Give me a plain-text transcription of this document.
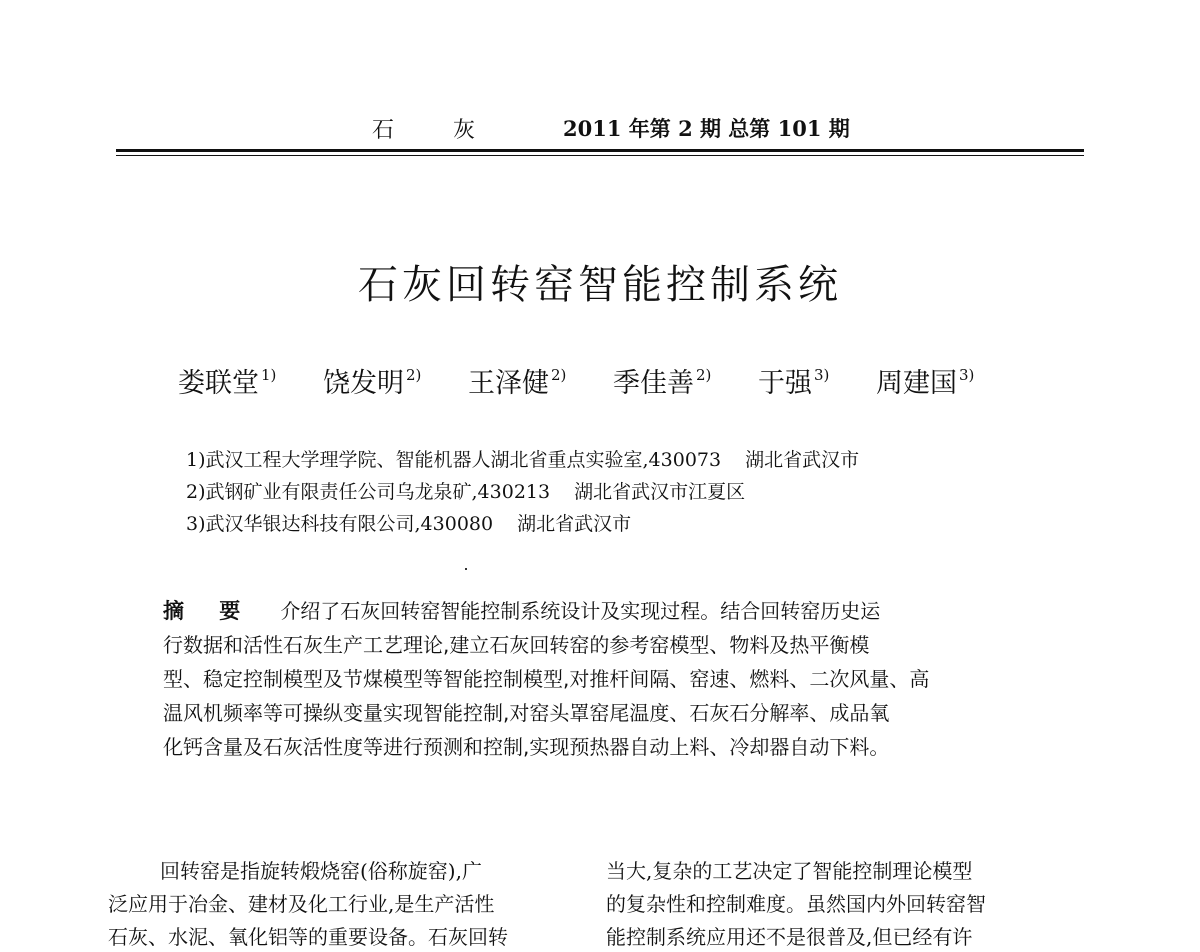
石 灰	2011 年第 2 期 总第 101 期
石灰回转窑智能控制系统
娄联堂 $^{1)}$ 饶发明 $^{2)}$ 王泽健 $^{2)}$ 季佳善 $^{2)}$ 于强 $^{3)}$ 周建国 $^{3)}$
1)武汉工程大学理学院、智能机器人湖北省重点实验室,430073 湖北省武汉市
2)武钢矿业有限责任公司乌龙泉矿,430213 湖北省武汉市江夏区
3)武汉华银达科技有限公司,430080 湖北省武汉市
摘 要 介绍了石灰回转窑智能控制系统设计及实现过程。结合回转窑历史运
行数据和活性石灰生产工艺理论,建立石灰回转窑的参考窑模型、物料及热平衡模
型、稳定控制模型及节煤模型等智能控制模型,对推杆间隔、窑速、燃料、二次风量、高
温风机频率等可操纵变量实现智能控制,对窑头罩窑尾温度、石灰石分解率、成品氧
化钙含量及石灰活性度等进行预测和控制,实现预热器自动上料、冷却器自动下料。
回转窑是指旋转煅烧窑(俗称旋窑),广
泛应用于冶金、建材及化工行业,是生产活性
石灰、水泥、氧化铝等的重要设备。石灰回转
当大,复杂的工艺决定了智能控制理论模型
的复杂性和控制难度。虽然国内外回转窑智
能控制系统应用还不是很普及,但已经有许
